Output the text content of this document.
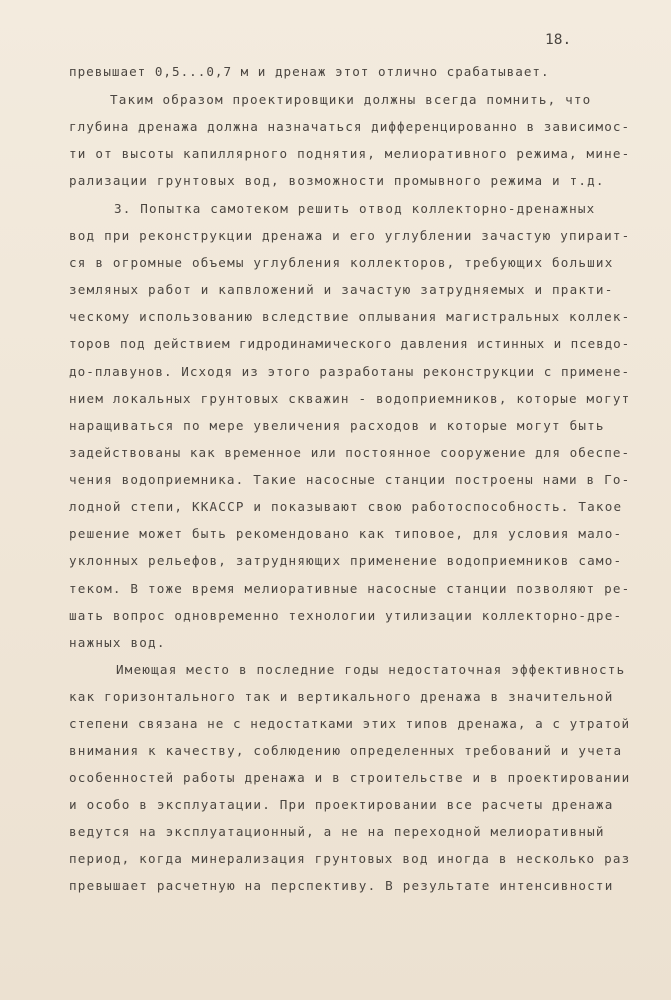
18.
превышает 0,5...0,7 м и дренаж этот отлично срабатывает.
Таким образом проектировщики должны всегда помнить, что
глубина дренажа должна назначаться дифференцированно в зависимос-
ти от высоты капиллярного поднятия, мелиоративного режима, мине-
рализации грунтовых вод, возможности промывного режима и т.д.
3. Попытка самотеком решить отвод коллекторно-дренажных
вод при реконструкции дренажа и его углублении зачастую упираит-
ся в огромные объемы углубления коллекторов, требующих больших
земляных работ и капвложений и зачастую затрудняемых и практи-
ческому использованию вследствие оплывания магистральных коллек-
торов под действием гидродинамического давления истинных и псевдо-
до-плавунов. Исходя из этого разработаны реконструкции с примене-
нием локальных грунтовых скважин - водоприемников, которые могут
наращиваться по мере увеличения расходов и которые могут быть
задействованы как временное или постоянное сооружение для обеспе-
чения водоприемника. Такие насосные станции построены нами в Го-
лодной степи, ККАССР и показывают свою работоспособность. Такое
решение может быть рекомендовано как типовое, для условия мало-
уклонных рельефов, затрудняющих применение водоприемников само-
теком. В тоже время мелиоративные насосные станции позволяют ре-
шать вопрос одновременно технологии утилизации коллекторно-дре-
нажных вод.
Имеющая место в последние годы недостаточная эффективность
как горизонтального так и вертикального дренажа в значительной
степени связана не с недостатками этих типов дренажа, а с утратой
внимания к качеству, соблюдению определенных требований и учета
особенностей работы дренажа и в строительстве и в проектировании
и особо в эксплуатации. При проектировании все расчеты дренажа
ведутся на эксплуатационный, а не на переходной мелиоративный
период, когда минерализация грунтовых вод иногда в несколько раз
превышает расчетную на перспективу. В результате интенсивности
